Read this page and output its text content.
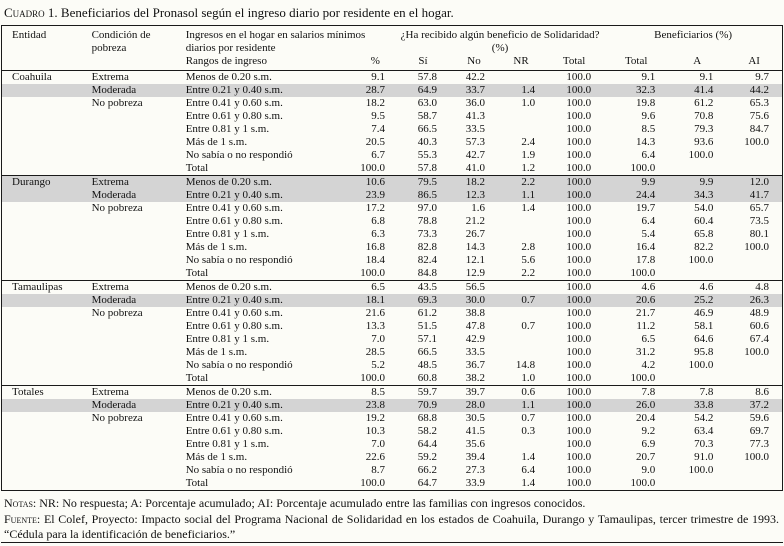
Cuadro 1. Beneficiarios del Pronasol según el ingreso diario por residente en el hogar.
Entidad	Condición de pobreza	Ingresos en el hogar en salarios mínimos diarios por residente		¿Ha recibido algún beneficio de Solidaridad? (%)				Beneficiarios (%)		
		Rangos de ingreso	%	Sí	No	NR	Total	Total	A	AI
Coahuila	Extrema	Menos de 0.20 s.m.	9.1	57.8	42.2		100.0	9.1	9.1	9.7
	Moderada	Entre 0.21 y 0.40 s.m.	28.7	64.9	33.7	1.4	100.0	32.3	41.4	44.2
	No pobreza	Entre 0.41 y 0.60 s.m.	18.2	63.0	36.0	1.0	100.0	19.8	61.2	65.3
		Entre 0.61 y 0.80 s.m.	9.5	58.7	41.3		100.0	9.6	70.8	75.6
		Entre 0.81 y 1 s.m.	7.4	66.5	33.5		100.0	8.5	79.3	84.7
		Más de 1 s.m.	20.5	40.3	57.3	2.4	100.0	14.3	93.6	100.0
		No sabía o no respondió	6.7	55.3	42.7	1.9	100.0	6.4	100.0	
		Total	100.0	57.8	41.0	1.2	100.0	100.0		
Durango	Extrema	Menos de 0.20 s.m.	10.6	79.5	18.2	2.2	100.0	9.9	9.9	12.0
	Moderada	Entre 0.21 y 0.40 s.m.	23.9	86.5	12.3	1.1	100.0	24.4	34.3	41.7
	No pobreza	Entre 0.41 y 0.60 s.m.	17.2	97.0	1.6	1.4	100.0	19.7	54.0	65.7
		Entre 0.61 y 0.80 s.m.	6.8	78.8	21.2		100.0	6.4	60.4	73.5
		Entre 0.81 y 1 s.m.	6.3	73.3	26.7		100.0	5.4	65.8	80.1
		Más de 1 s.m.	16.8	82.8	14.3	2.8	100.0	16.4	82.2	100.0
		No sabía o no respondió	18.4	82.4	12.1	5.6	100.0	17.8	100.0	
		Total	100.0	84.8	12.9	2.2	100.0	100.0		
Tamaulipas	Extrema	Menos de 0.20 s.m.	6.5	43.5	56.5		100.0	4.6	4.6	4.8
	Moderada	Entre 0.21 y 0.40 s.m.	18.1	69.3	30.0	0.7	100.0	20.6	25.2	26.3
	No pobreza	Entre 0.41 y 0.60 s.m.	21.6	61.2	38.8		100.0	21.7	46.9	48.9
		Entre 0.61 y 0.80 s.m.	13.3	51.5	47.8	0.7	100.0	11.2	58.1	60.6
		Entre 0.81 y 1 s.m.	7.0	57.1	42.9		100.0	6.5	64.6	67.4
		Más de 1 s.m.	28.5	66.5	33.5		100.0	31.2	95.8	100.0
		No sabía o no respondió	5.2	48.5	36.7	14.8	100.0	4.2	100.0	
		Total	100.0	60.8	38.2	1.0	100.0	100.0		
Totales	Extrema	Menos de 0.20 s.m.	8.5	59.7	39.7	0.6	100.0	7.8	7.8	8.6
	Moderada	Entre 0.21 y 0.40 s.m.	23.8	70.9	28.0	1.1	100.0	26.0	33.8	37.2
	No pobreza	Entre 0.41 y 0.60 s.m.	19.2	68.8	30.5	0.7	100.0	20.4	54.2	59.6
		Entre 0.61 y 0.80 s.m.	10.3	58.2	41.5	0.3	100.0	9.2	63.4	69.7
		Entre 0.81 y 1 s.m.	7.0	64.4	35.6		100.0	6.9	70.3	77.3
		Más de 1 s.m.	22.6	59.2	39.4	1.4	100.0	20.7	91.0	100.0
		No sabía o no respondió	8.7	66.2	27.3	6.4	100.0	9.0	100.0	
		Total	100.0	64.7	33.9	1.4	100.0	100.0		

Notas: NR: No respuesta; A: Porcentaje acumulado; AI: Porcentaje acumulado entre las familias con ingresos conocidos.

Fuente: El Colef, Proyecto: Impacto social del Programa Nacional de Solidaridad en los estados de Coahuila, Durango y Tamaulipas, tercer trimestre de 1993. “Cédula para la identificación de beneficiarios.”
